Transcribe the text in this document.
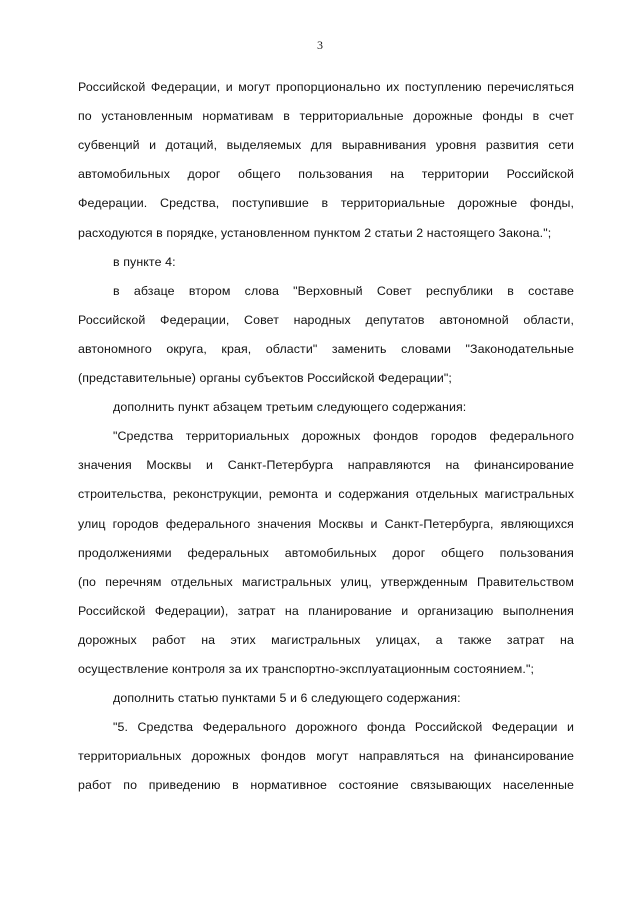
3
Российской Федерации, и могут пропорционально их поступлению перечисляться
по установленным нормативам в территориальные дорожные фонды в счет
субвенций и дотаций, выделяемых для выравнивания уровня развития сети
автомобильных дорог общего пользования на территории Российской
Федерации. Средства, поступившие в территориальные дорожные фонды,
расходуются в порядке, установленном пунктом 2 статьи 2 настоящего Закона.";
в пункте 4:
в абзаце втором слова "Верховный Совет республики в составе
Российской Федерации, Совет народных депутатов автономной области,
автономного округа, края, области" заменить словами "Законодательные
(представительные) органы субъектов Российской Федерации";
дополнить пункт абзацем третьим следующего содержания:
"Средства территориальных дорожных фондов городов федерального
значения Москвы и Санкт-Петербурга направляются на финансирование
строительства, реконструкции, ремонта и содержания отдельных магистральных
улиц городов федерального значения Москвы и Санкт-Петербурга, являющихся
продолжениями федеральных автомобильных дорог общего пользования
(по перечням отдельных магистральных улиц, утвержденным Правительством
Российской Федерации), затрат на планирование и организацию выполнения
дорожных работ на этих магистральных улицах, а также затрат на
осуществление контроля за их транспортно-эксплуатационным состоянием.";
дополнить статью пунктами 5 и 6 следующего содержания:
"5. Средства Федерального дорожного фонда Российской Федерации и
территориальных дорожных фондов могут направляться на финансирование
работ по приведению в нормативное состояние связывающих населенные
